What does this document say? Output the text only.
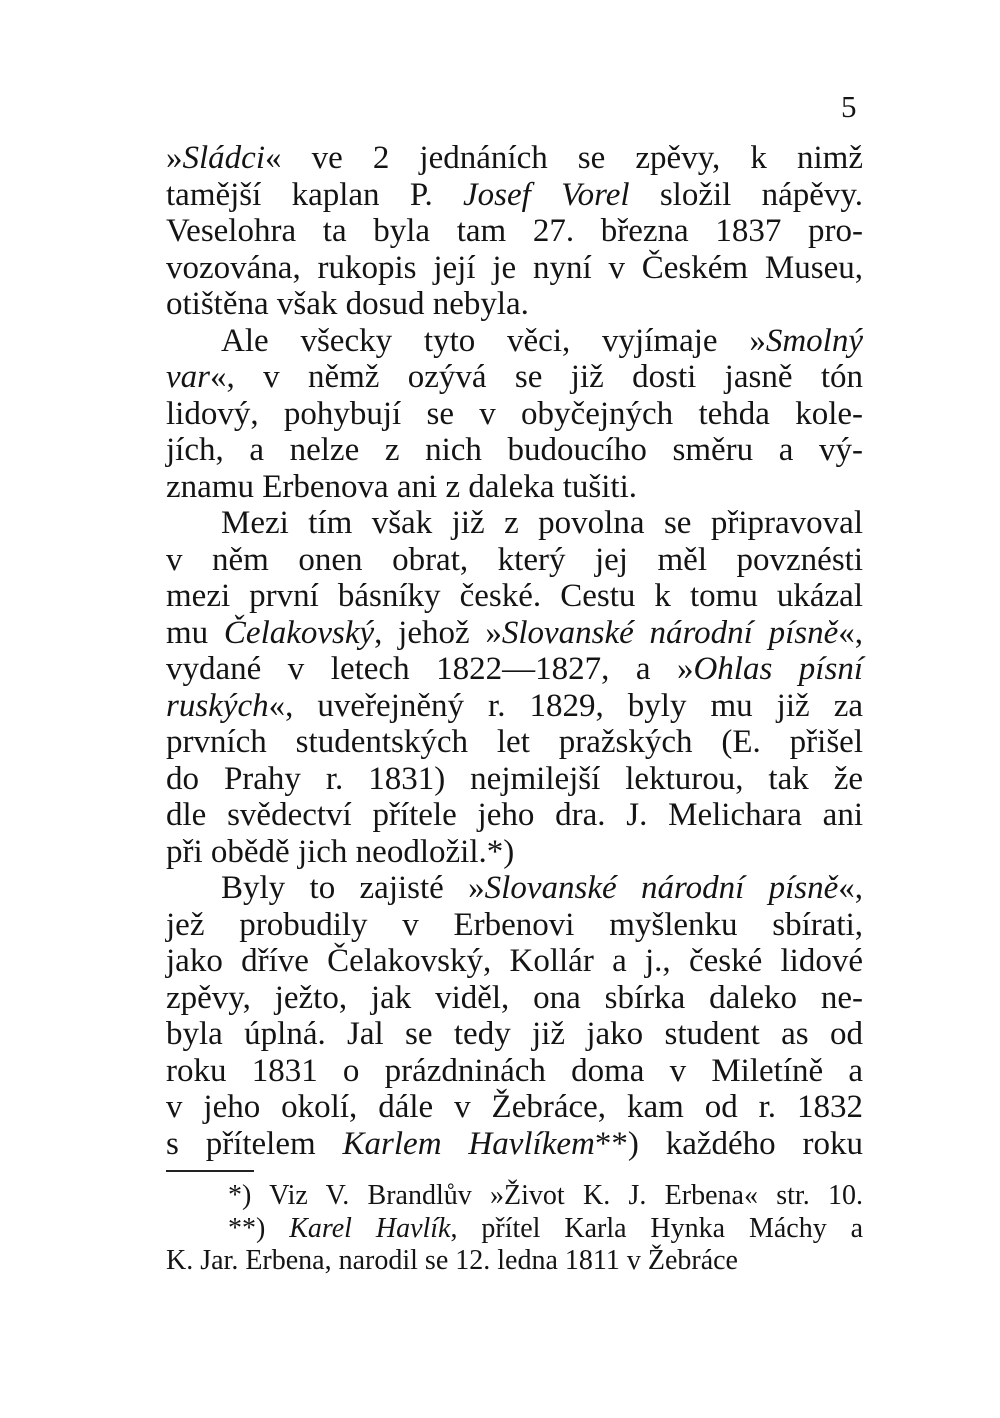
5
»Sládci« ve 2 jednáních se zpěvy, k nimž
tamější kaplan P. Josef Vorel složil nápěvy.
Veselohra ta byla tam 27. března 1837 pro-
vozována, rukopis její je nyní v Českém Museu,
otištěna však dosud nebyla.
Ale všecky tyto věci, vyjímaje »Smolný
var«, v němž ozývá se již dosti jasně tón
lidový, pohybují se v obyčejných tehda kole-
jích, a nelze z nich budoucího směru a vý-
znamu Erbenova ani z daleka tušiti.
Mezi tím však již z povolna se připravoval
v něm onen obrat, který jej měl povznésti
mezi první básníky české. Cestu k tomu ukázal
mu Čelakovský, jehož »Slovanské národní písně«,
vydané v letech 1822—1827, a »Ohlas písní
ruských«, uveřejněný r. 1829, byly mu již za
prvních studentských let pražských (E. přišel
do Prahy r. 1831) nejmilejší lekturou, tak že
dle svědectví přítele jeho dra. J. Melichara ani
při obědě jich neodložil.*)
Byly to zajisté »Slovanské národní písně«,
jež probudily v Erbenovi myšlenku sbírati,
jako dříve Čelakovský, Kollár a j., české lidové
zpěvy, ježto, jak viděl, ona sbírka daleko ne-
byla úplná. Jal se tedy již jako student as od
roku 1831 o prázdninách doma v Miletíně a
v jeho okolí, dále v Žebráce, kam od r. 1832
s přítelem Karlem Havlíkem**) každého roku
*) Viz V. Brandlův »Život K. J. Erbena« str. 10.
**) Karel Havlík, přítel Karla Hynka Máchy a
K. Jar. Erbena, narodil se 12. ledna 1811 v Žebráce
